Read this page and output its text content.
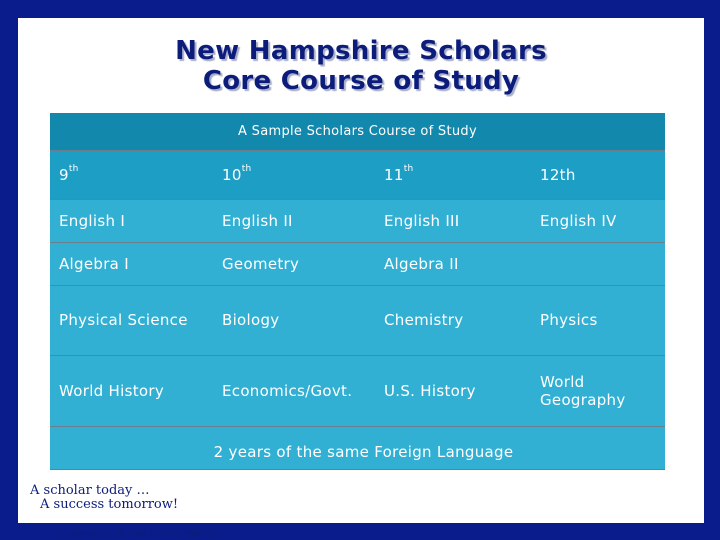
New Hampshire Scholars
Core Course of Study
A Sample Scholars Course of Study			
9th	10th	11th	12th
English I	English II	English III	English IV
Algebra I	Geometry	Algebra II	
Physical Science	Biology	Chemistry	Physics
World History	Economics/Govt.	U.S. History	World Geography
2 years of the same Foreign Language			
A scholar today …
A success tomorrow!
© Copyright 2006 State Scholars Initiative
